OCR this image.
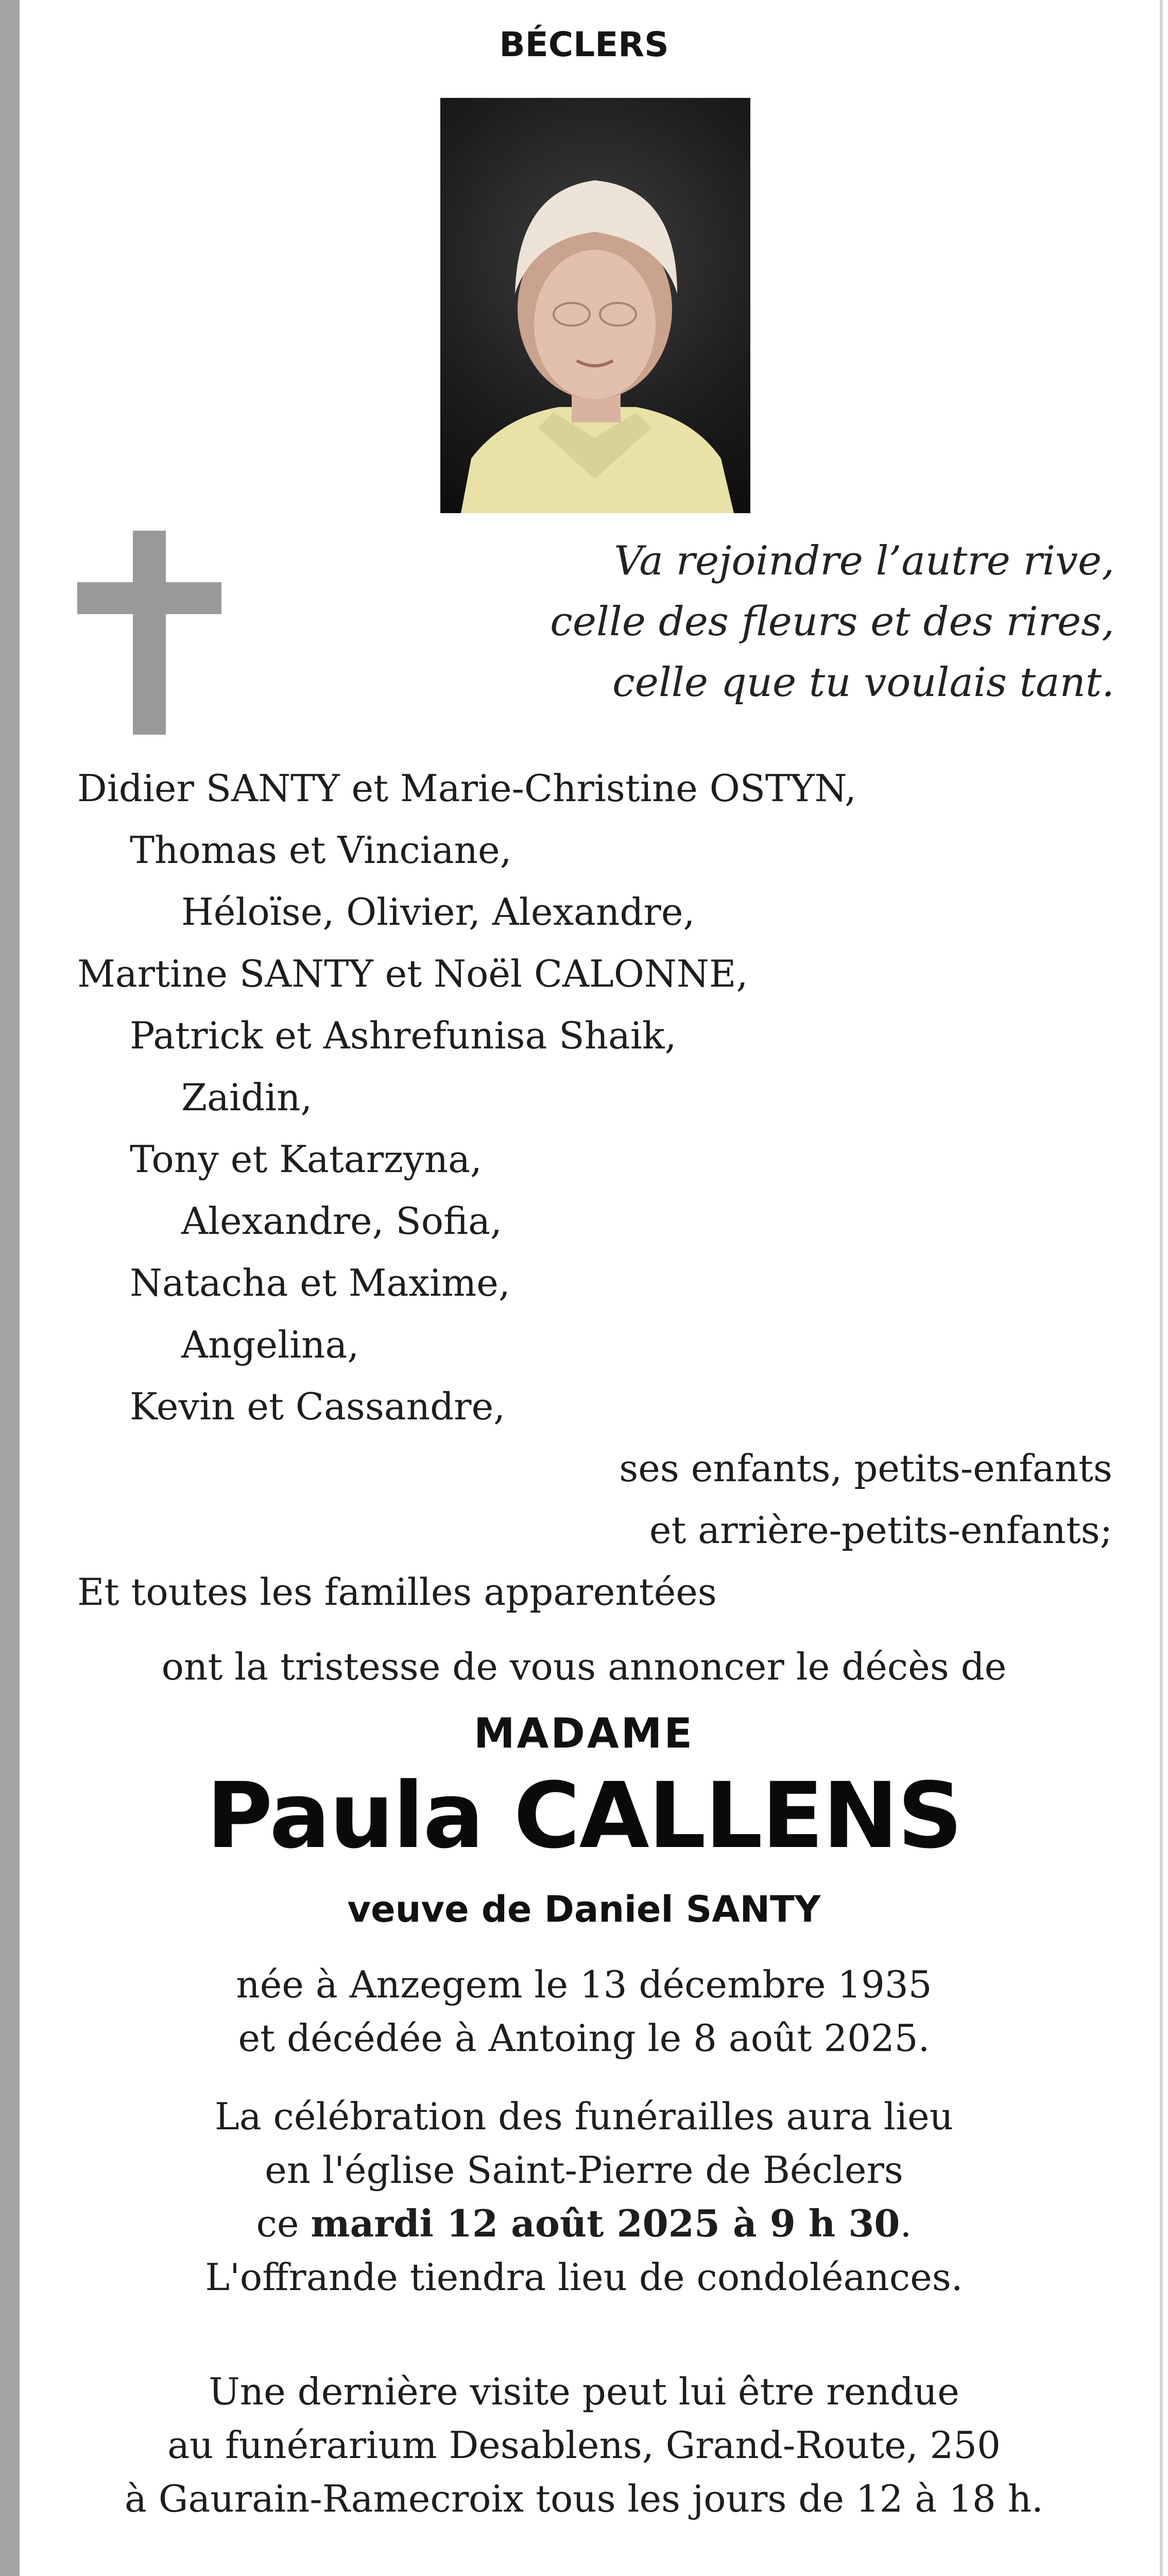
BÉCLERS
Va rejoindre l’autre rive,
celle des fleurs et des rires,
celle que tu voulais tant.
Didier SANTY et Marie-Christine OSTYN,
Thomas et Vinciane,
Héloïse, Olivier, Alexandre,
Martine SANTY et Noël CALONNE,
Patrick et Ashrefunisa Shaik,
Zaidin,
Tony et Katarzyna,
Alexandre, Sofia,
Natacha et Maxime,
Angelina,
Kevin et Cassandre,
ses enfants, petits-enfants
et arrière-petits-enfants;
Et toutes les familles apparentées
ont la tristesse de vous annoncer le décès de
MADAME
Paula CALLENS
veuve de Daniel SANTY
née à Anzegem le 13 décembre 1935
et décédée à Antoing le 8 août 2025.
La célébration des funérailles aura lieu
en l'église Saint-Pierre de Béclers
ce mardi 12 août 2025 à 9 h 30.
L'offrande tiendra lieu de condoléances.
Une dernière visite peut lui être rendue
au funérarium Desablens, Grand-Route, 250
à Gaurain-Ramecroix tous les jours de 12 à 18 h.
